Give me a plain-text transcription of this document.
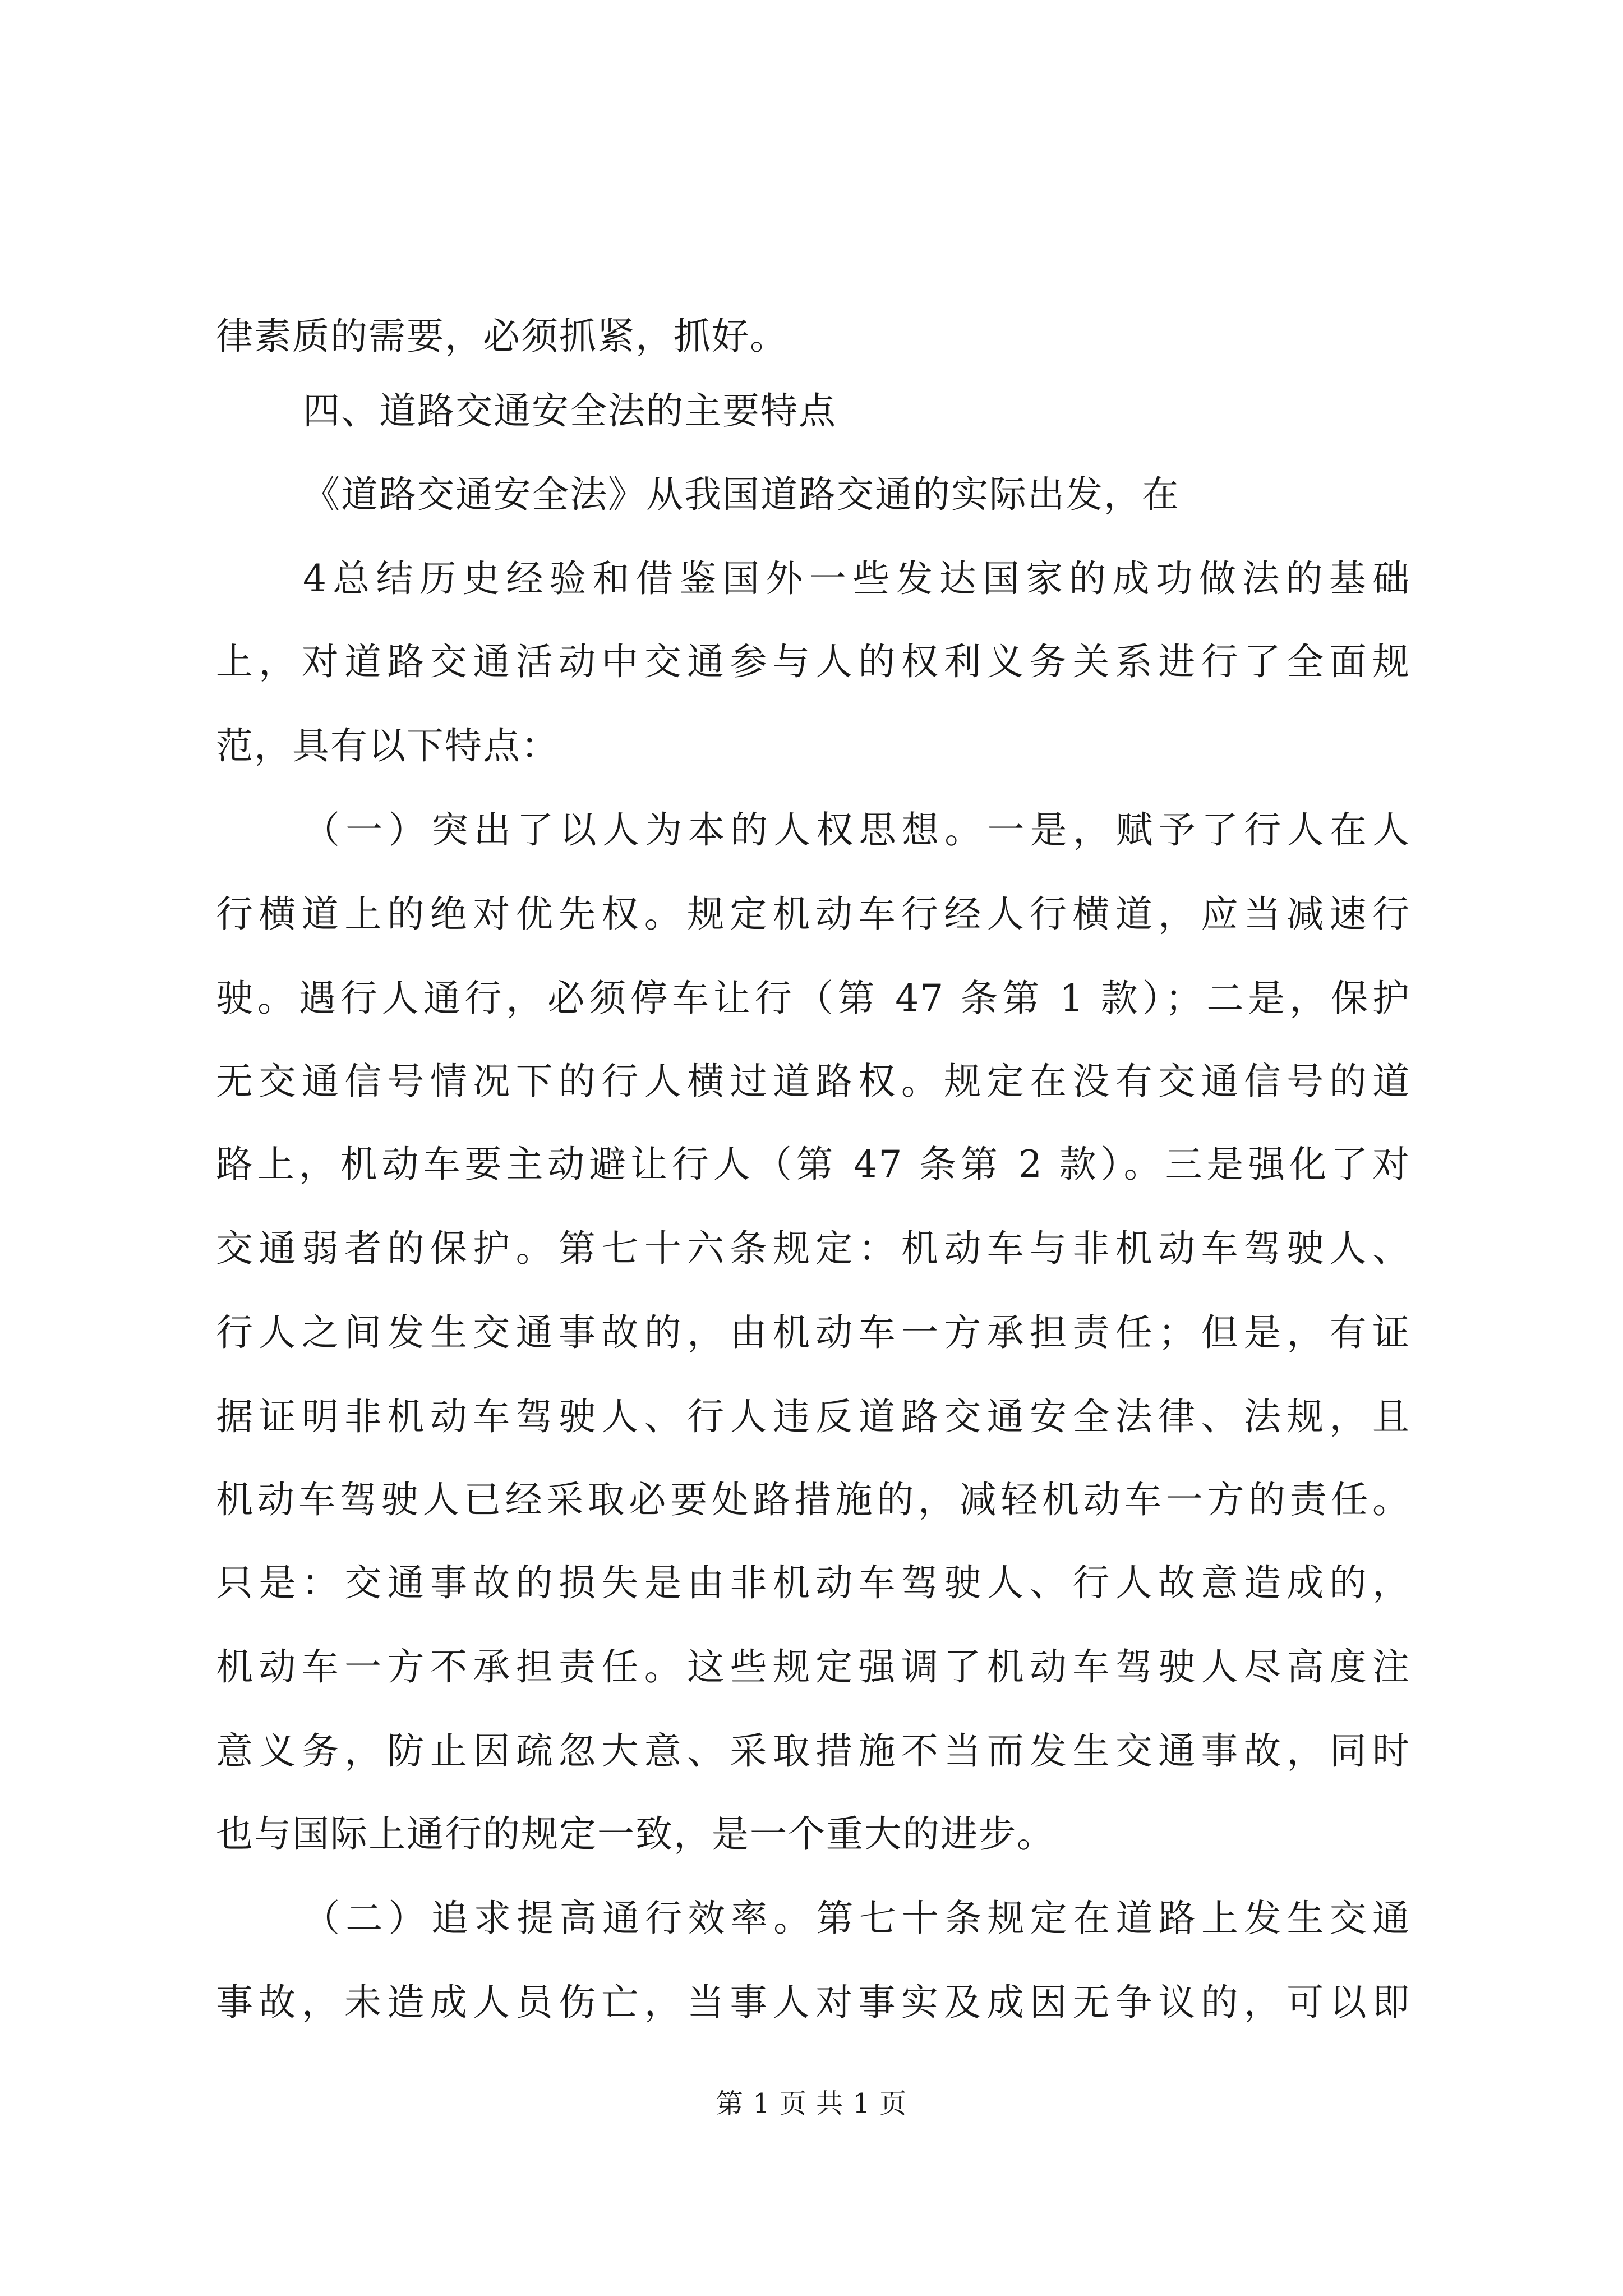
律素质的需要，必须抓紧，抓好。
四、道路交通安全法的主要特点
《道路交通安全法》从我国道路交通的实际出发，在
4总结历史经验和借鉴国外一些发达国家的成功做法的基础
上，对道路交通活动中交通参与人的权利义务关系进行了全面规
范，具有以下特点：
（一）突出了以人为本的人权思想。一是，赋予了行人在人
行横道上的绝对优先权。规定机动车行经人行横道，应当减速行
驶。遇行人通行，必须停车让行（第 47 条第 1 款）；二是，保护
无交通信号情况下的行人横过道路权。规定在没有交通信号的道
路上，机动车要主动避让行人（第 47 条第 2 款）。三是强化了对
交通弱者的保护。第七十六条规定：机动车与非机动车驾驶人、
行人之间发生交通事故的，由机动车一方承担责任；但是，有证
据证明非机动车驾驶人、行人违反道路交通安全法律、法规，且
机动车驾驶人已经采取必要处路措施的，减轻机动车一方的责任。
只是：交通事故的损失是由非机动车驾驶人、行人故意造成的，
机动车一方不承担责任。这些规定强调了机动车驾驶人尽高度注
意义务，防止因疏忽大意、采取措施不当而发生交通事故，同时
也与国际上通行的规定一致，是一个重大的进步。
（二）追求提高通行效率。第七十条规定在道路上发生交通
事故，未造成人员伤亡，当事人对事实及成因无争议的，可以即
第 1 页 共 1 页
